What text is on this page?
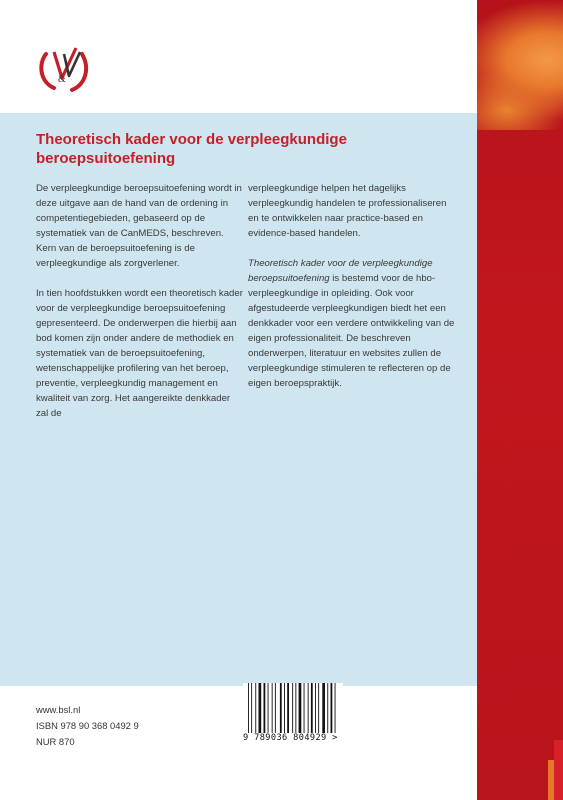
&
Theoretisch kader voor de verpleegkundige beroepsuitoefening

De verpleegkundige beroepsuitoefening wordt in deze uitgave aan de hand van de ordening in competentiegebieden, gebaseerd op de systematiek van de CanMEDS, beschreven. Kern van de beroepsuitoefening is de verpleegkundige als zorgverlener.

In tien hoofdstukken wordt een theoretisch kader voor de verpleegkundige beroepsuitoefening gepresenteerd. De onderwerpen die hierbij aan bod komen zijn onder andere de methodiek en systematiek van de beroepsuitoefening, wetenschappelijke profilering van het beroep, preventie, verpleegkundig management en kwaliteit van zorg. Het aangereikte denkkader zal de

verpleegkundige helpen het dagelijks verpleegkundig handelen te professionaliseren en te ontwikkelen naar practice-based en evidence-based handelen.

Theoretisch kader voor de verpleegkundige beroepsuitoefening is bestemd voor de hbo-verpleegkundige in opleiding. Ook voor afgestudeerde verpleegkundigen biedt het een denkkader voor een verdere ontwikkeling van de eigen professionaliteit. De beschreven onderwerpen, literatuur en websites zullen de verpleegkundige stimuleren te reflecteren op de eigen beroepspraktijk.

www.bsl.nl
ISBN 978 90 368 0492 9
NUR 870	9 789036 804929 >
